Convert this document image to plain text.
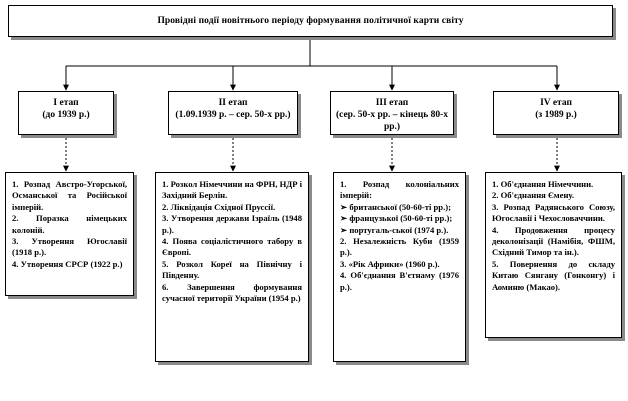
Провідні події новітнього періоду формування політичної карти світу
І етап
(до 1939 р.)
ІІ етап
(1.09.1939 р. – сер. 50-х рр.)
ІІІ етап
(сер. 50-х рр. – кінець 80-х рр.)
ІV етап
(з 1989 р.)

1. Розпад Австро-Угорської, Османської та Російської імперій.

2. Поразка німецьких колоній.

3. Утворення Югославії (1918 р.).

4. Утворення СРСР (1922 р.)

1. Розкол Німеччини на ФРН, НДР і Західний Берлін.

2. Ліквідація Східної Пруссії.

3. Утворення держави Ізраїль (1948 р.).

4. Поява соціалістичного табору в Європі.

5. Розкол Кореї на Північну і Південну.

6. Завершення формування сучасної території України (1954 р.)

1. Розпад колоніальних імперій:

➢ британської (50-60-ті рр.);

➢ французької (50-60-ті рр.);

➢ португаль-ської (1974 р.).

2. Незалежність Куби (1959 р.).

3. «Рік Африки» (1960 р.).

4. Об'єднання В'єтнаму (1976 р.).

1. Об'єднання Німеччини.

2. Об'єднання Ємену.

3. Розпад Радянського Союзу, Югославії і Чехословаччини.

4. Продовження процесу деколонізації (Намібія, ФШМ, Східний Тимор та ін.).

5. Повернення до складу Китаю Сянгану (Гонконгу) і Аоминю (Макао).
